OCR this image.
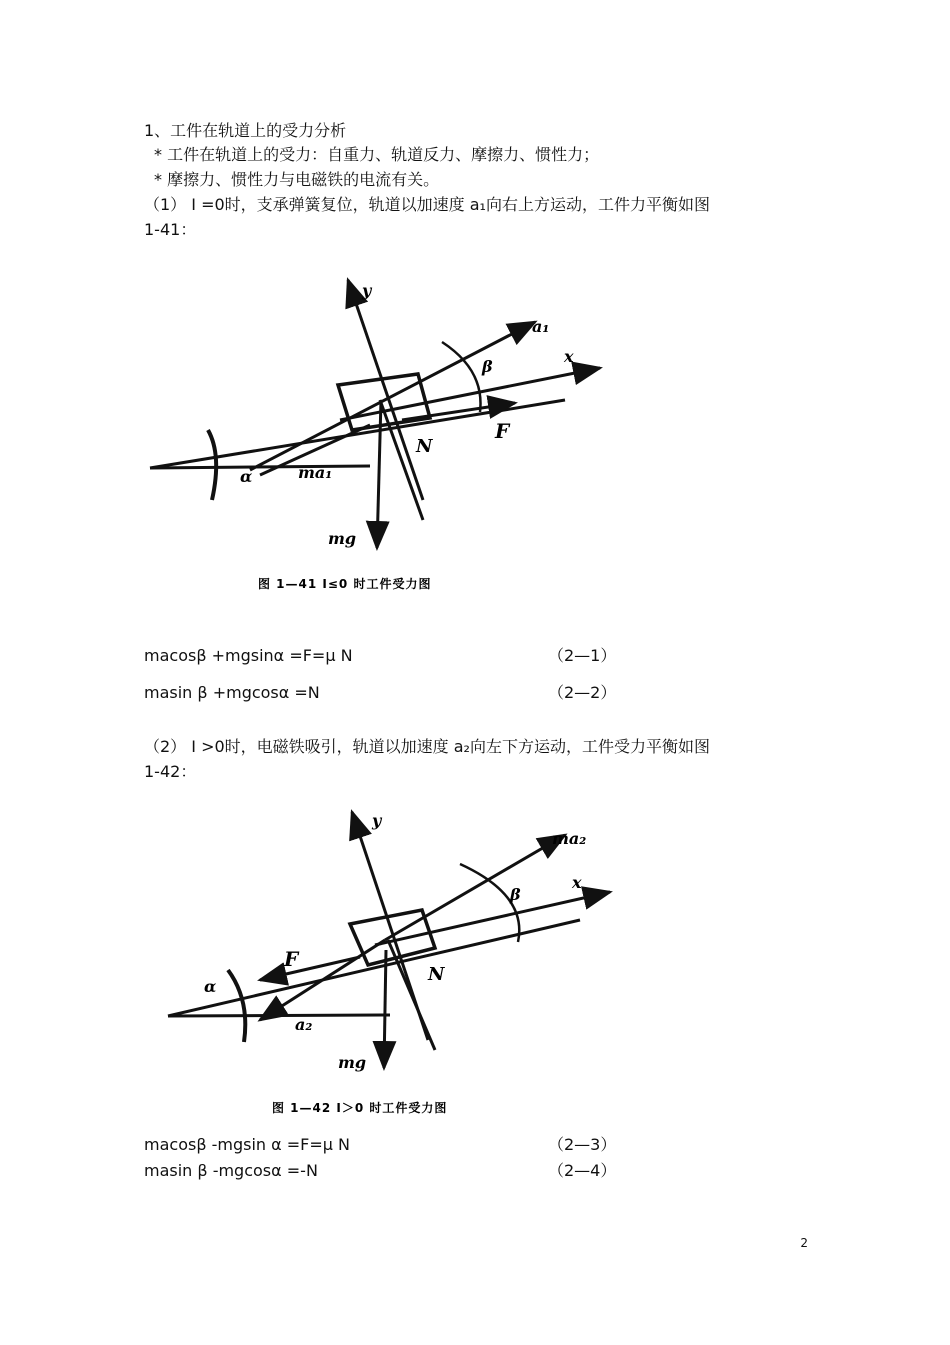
1、工件在轨道上的受力分析
* 工件在轨道上的受力：自重力、轨道反力、摩擦力、惯性力；
* 摩擦力、惯性力与电磁铁的电流有关。
（1） I =0时，支承弹簧复位，轨道以加速度 a₁向右上方运动，工件力平衡如图
1-41：
y
a₁
x
β
F
N
α	ma₁
mg
图 1—41 I≤0 时工件受力图
macosβ +mgsinα =F=μ N	（2—1）
masin β +mgcosα =N	（2—2）
（2） I >0时，电磁铁吸引，轨道以加速度 a₂向左下方运动，工件受力平衡如图
1-42：
y
ma₂
x
β
F
N
α
a₂
mg
图 1—42 I＞0 时工件受力图
macosβ -mgsin α =F=μ N	（2—3）
masin β -mgcosα =-N	（2—4）
2
